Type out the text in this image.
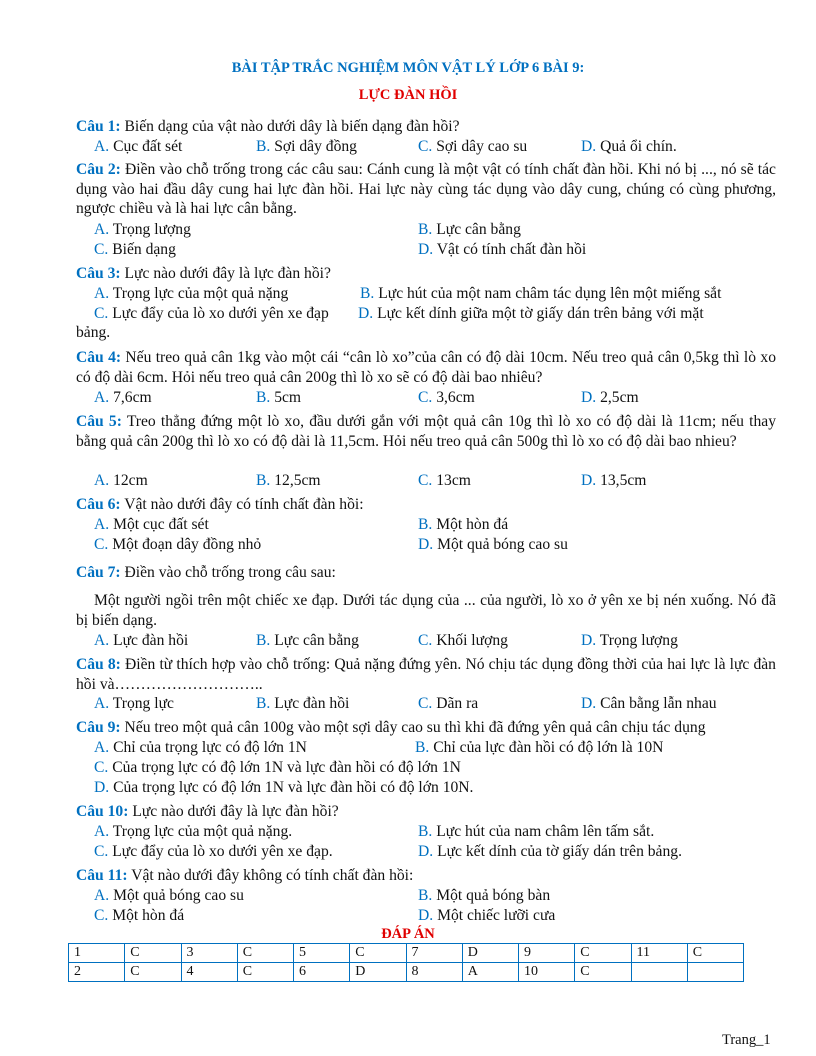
BÀI TẬP TRẮC NGHIỆM MÔN VẬT LÝ LỚP 6 BÀI 9:
LỰC ĐÀN HỒI
Câu 1: Biến dạng của vật nào dưới dây là biến dạng đàn hồi?
A. Cục đất sét	B. Sợi dây đồng	C. Sợi dây cao su	D. Quả ổi chín.
Câu 2: Điền vào chỗ trống trong các câu sau: Cánh cung là một vật có tính chất đàn hồi. Khi nó bị ..., nó sẽ tác dụng vào hai đầu dây cung hai lực đàn hồi. Hai lực này cùng tác dụng vào dây cung, chúng có cùng phương, ngược chiều và là hai lực cân bằng.
A. Trọng lượng	B. Lực cân bằng
C. Biến dạng	D. Vật có tính chất đàn hồi
Câu 3: Lực nào dưới đây là lực đàn hồi?
A. Trọng lực của một quả nặng	B. Lực hút của một nam châm tác dụng lên một miếng sắt
C. Lực đẩy của lò xo dưới yên xe đạp D. Lực kết dính giữa một tờ giấy dán trên bảng với mặt
bảng.
Câu 4: Nếu treo quả cân 1kg vào một cái “cân lò xo”của cân có độ dài 10cm. Nếu treo quả cân 0,5kg thì lò xo có độ dài 6cm. Hỏi nếu treo quả cân 200g thì lò xo sẽ có độ dài bao nhiêu?
A. 7,6cm	B. 5cm	C. 3,6cm	D. 2,5cm
Câu 5: Treo thẳng đứng một lò xo, đầu dưới gắn với một quả cân 10g thì lò xo có độ dài là 11cm; nếu thay bằng quả cân 200g thì lò xo có độ dài là 11,5cm. Hỏi nếu treo quả cân 500g thì lò xo có độ dài bao nhieu?
A. 12cm	B. 12,5cm	C. 13cm	D. 13,5cm
Câu 6: Vật nào dưới đây có tính chất đàn hồi:
A. Một cục đất sét	B. Một hòn đá
C. Một đoạn dây đồng nhỏ	D. Một quả bóng cao su
Câu 7: Điền vào chỗ trống trong câu sau:
Một người ngồi trên một chiếc xe đạp. Dưới tác dụng của ... của người, lò xo ở yên xe bị nén xuống. Nó đã bị biến dạng.
A. Lực đàn hồi	B. Lực cân bằng	C. Khối lượng	D. Trọng lượng
Câu 8: Điền từ thích hợp vào chỗ trống: Quả nặng đứng yên. Nó chịu tác dụng đồng thời của hai lực là lực đàn hồi và………………………..
A. Trọng lực	B. Lực đàn hồi	C. Dãn ra	D. Cân bằng lẫn nhau
Câu 9: Nếu treo một quả cân 100g vào một sợi dây cao su thì khi đã đứng yên quả cân chịu tác dụng
A. Chỉ của trọng lực có độ lớn 1N	B. Chỉ của lực đàn hồi có độ lớn là 10N
C. Của trọng lực có độ lớn 1N và lực đàn hồi có độ lớn 1N
D. Của trọng lực có độ lớn 1N và lực đàn hồi có độ lớn 10N.
Câu 10: Lực nào dưới đây là lực đàn hồi?
A. Trọng lực của một quả nặng.	B. Lực hút của nam châm lên tấm sắt.
C. Lực đẩy của lò xo dưới yên xe đạp.	D. Lực kết dính của tờ giấy dán trên bảng.
Câu 11: Vật nào dưới đây không có tính chất đàn hồi:
A. Một quả bóng cao su	B. Một quả bóng bàn
C. Một hòn đá	D. Một chiếc lưỡi cưa
ĐÁP ÁN
1	C	3	C	5	C	7	D	9	C	11	C
2	C	4	C	6	D	8	A	10	C		
Trang_1
